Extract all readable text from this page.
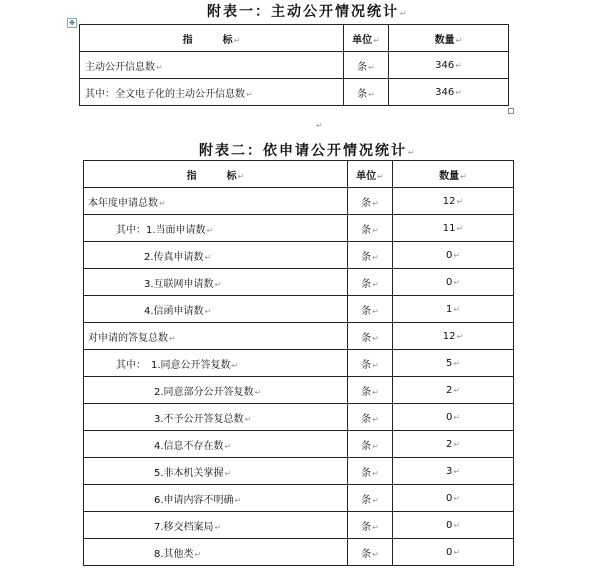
附表一：主动公开情况统计 ↵
✥
指　　　标 ↵	单位 ↵	数量 ↵
主动公开信息数 ↵	条 ↵	346 ↵
其中：全文电子化的主动公开信息数 ↵	条 ↵	346 ↵
↵
附表二：依申请公开情况统计 ↵
指　　　标 ↵	单位 ↵	数量 ↵
本年度申请总数 ↵	条 ↵	12 ↵
其中：1.当面申请数 ↵	条 ↵	11 ↵
2.传真申请数 ↵	条 ↵	0 ↵
3.互联网申请数 ↵	条 ↵	0 ↵
4.信函申请数 ↵	条 ↵	1 ↵
对申请的答复总数 ↵	条 ↵	12 ↵
其中：　1.同意公开答复数 ↵	条 ↵	5 ↵
2.同意部分公开答复数 ↵	条 ↵	2 ↵
3.不予公开答复总数 ↵	条 ↵	0 ↵
4.信息不存在数 ↵	条 ↵	2 ↵
5.非本机关掌握 ↵	条 ↵	3 ↵
6.申请内容不明确 ↵	条 ↵	0 ↵
7.移交档案局 ↵	条 ↵	0 ↵
8.其他类 ↵	条 ↵	0 ↵
